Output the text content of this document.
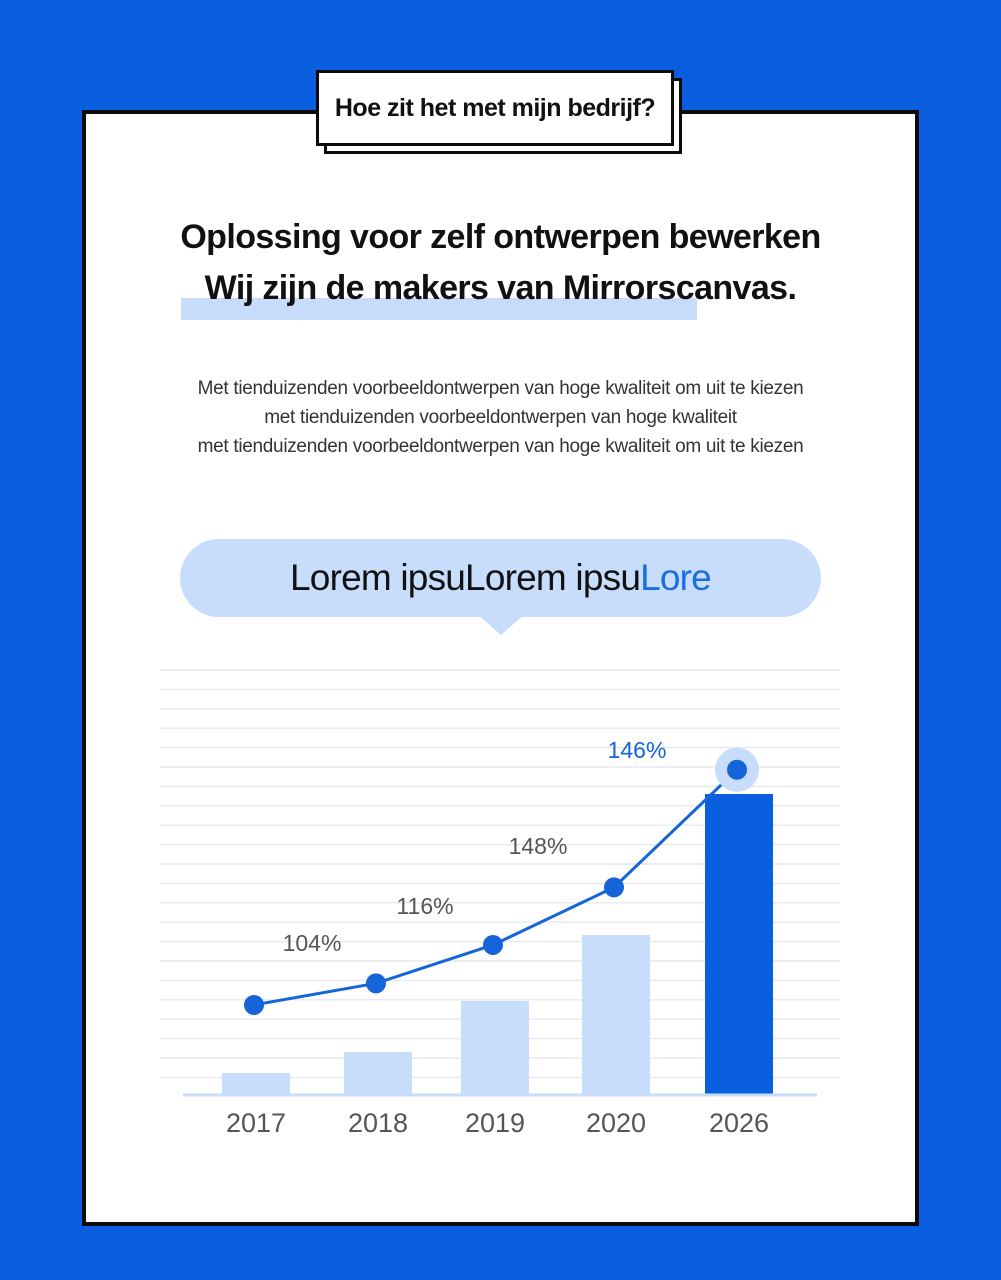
Hoe zit het met mijn bedrijf?
Oplossing voor zelf ontwerpen bewerken
Wij zijn de makers van Mirrorscanvas.
Met tienduizenden voorbeeldontwerpen van hoge kwaliteit om uit te kiezen
met tienduizenden voorbeeldontwerpen van hoge kwaliteit
met tienduizenden voorbeeldontwerpen van hoge kwaliteit om uit te kiezen
Lorem ipsuLorem ipsuLore
104%
116%
148%
146%
2017 2018 2019 2020 2026
